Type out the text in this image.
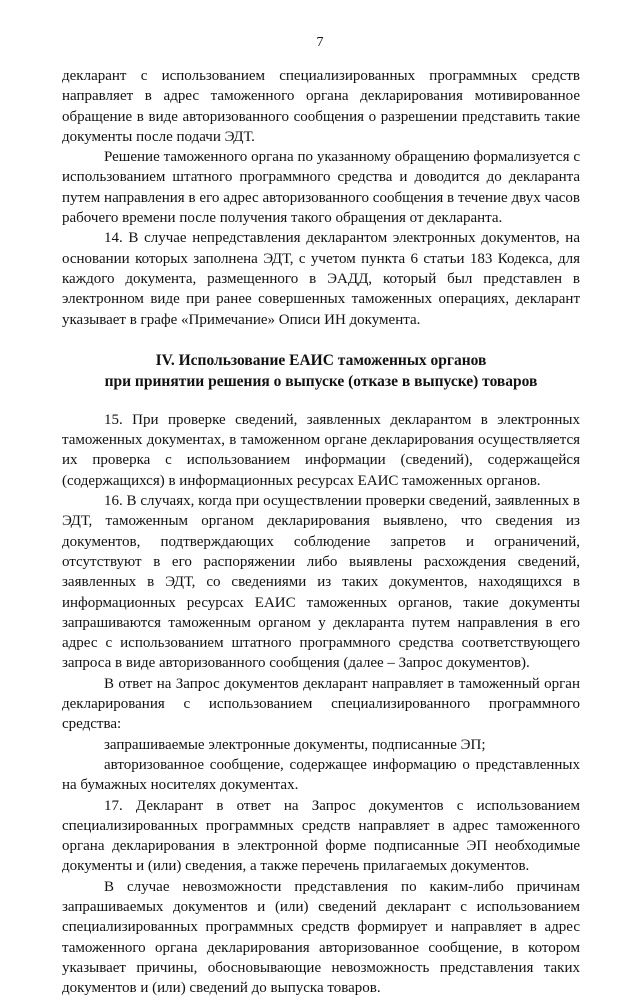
7

декларант с использованием специализированных программных средств направляет в адрес таможенного органа декларирования мотивированное обращение в виде авторизованного сообщения о разрешении представить такие документы после подачи ЭДТ.

Решение таможенного органа по указанному обращению формализуется с использованием штатного программного средства и доводится до декларанта путем направления в его адрес авторизованного сообщения в течение двух часов рабочего времени после получения такого обращения от декларанта.

14. В случае непредставления декларантом электронных документов, на основании которых заполнена ЭДТ, с учетом пункта 6 статьи 183 Кодекса, для каждого документа, размещенного в ЭАДД, который был представлен в электронном виде при ранее совершенных таможенных операциях, декларант указывает в графе «Примечание» Описи ИН документа.

IV. Использование ЕАИС таможенных органов
при принятии решения о выпуске (отказе в выпуске) товаров

15. При проверке сведений, заявленных декларантом в электронных таможенных документах, в таможенном органе декларирования осуществляется их проверка с использованием информации (сведений), содержащейся (содержащихся) в информационных ресурсах ЕАИС таможенных органов.

16. В случаях, когда при осуществлении проверки сведений, заявленных в ЭДТ, таможенным органом декларирования выявлено, что сведения из документов, подтверждающих соблюдение запретов и ограничений, отсутствуют в его распоряжении либо выявлены расхождения сведений, заявленных в ЭДТ, со сведениями из таких документов, находящихся в информационных ресурсах ЕАИС таможенных органов, такие документы запрашиваются таможенным органом у декларанта путем направления в его адрес с использованием штатного программного средства соответствующего запроса в виде авторизованного сообщения (далее – Запрос документов).

В ответ на Запрос документов декларант направляет в таможенный орган декларирования с использованием специализированного программного средства:

запрашиваемые электронные документы, подписанные ЭП;

авторизованное сообщение, содержащее информацию о представленных на бумажных носителях документах.

17. Декларант в ответ на Запрос документов с использованием специализированных программных средств направляет в адрес таможенного органа декларирования в электронной форме подписанные ЭП необходимые документы и (или) сведения, а также перечень прилагаемых документов.

В случае невозможности представления по каким-либо причинам запрашиваемых документов и (или) сведений декларант с использованием специализированных программных средств формирует и направляет в адрес таможенного органа декларирования авторизованное сообщение, в котором указывает причины, обосновывающие невозможность представления таких документов и (или) сведений до выпуска товаров.
